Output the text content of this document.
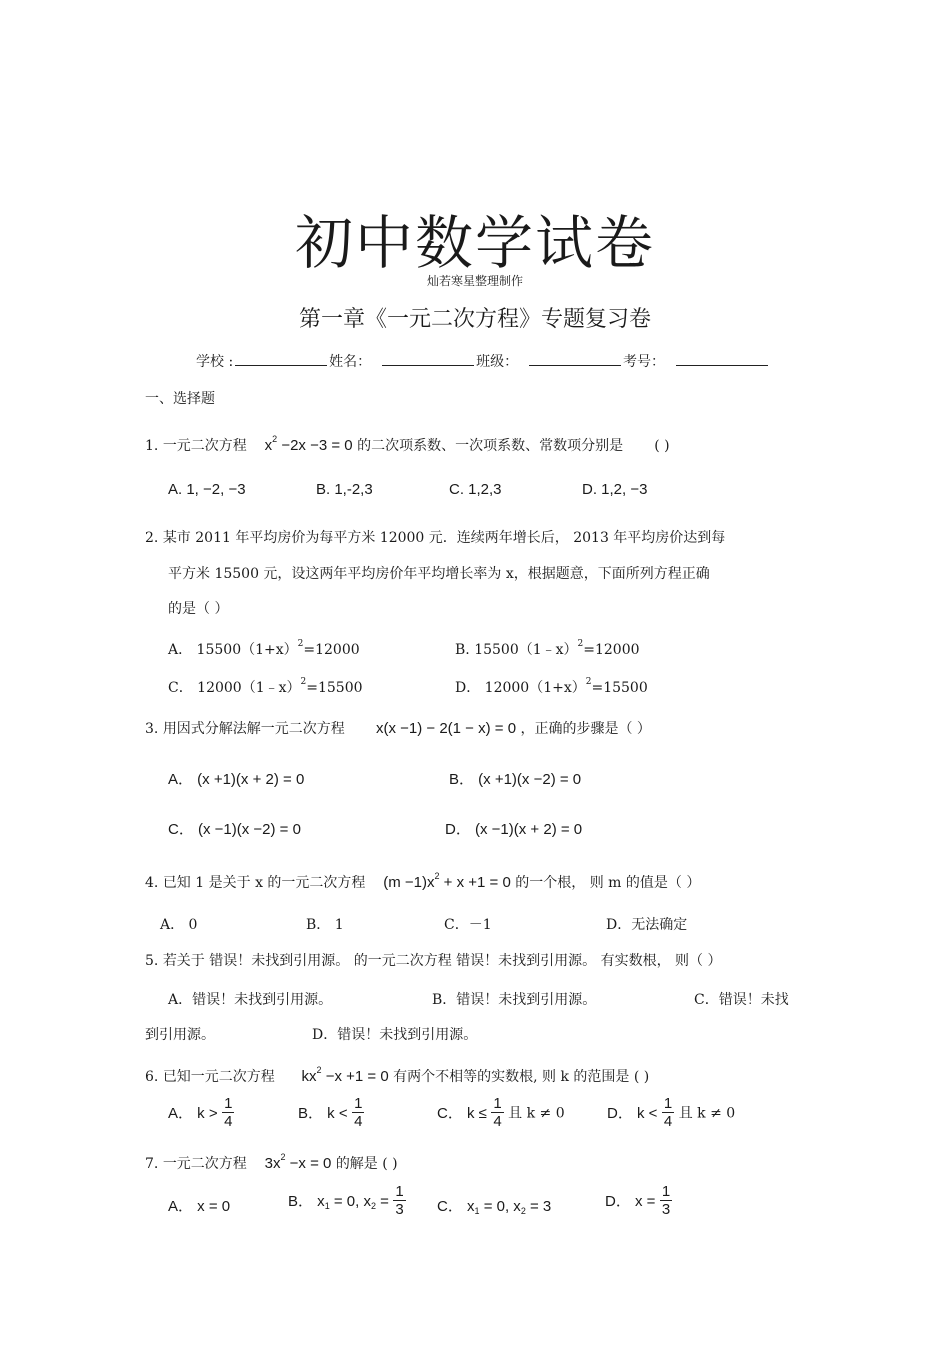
初中数学试卷
灿若寒星整理制作
第一章《一元二次方程》专题复习卷
学校 :	姓名：	班级：	考号：
一、选择题
1. 一元二次方程 $x^2 -2x -3 = 0$ 的二次项系数、一次项系数、常数项分别是 ( )
A. 1, −2, −3	B. 1,-2,3	C. 1,2,3	D. 1,2, −3
2. 某市 2011 年平均房价为每平方米 12000 元．连续两年增长后， 2013 年平均房价达到每
平方米 15500 元，设这两年平均房价年平均增长率为 x，根据题意，下面所列方程正确
的是（ ）
A． $15500(1+x)^2=12000$	B. 15500（1﹣x）$^2$=12000
C． 12000（1﹣x）$^2$=15500	D． $12000(1+x)^2=15500$
3. 用因式分解法解一元二次方程 x(x −1) − 2(1 − x) = 0 ，正确的步骤是（ ）
A． (x +1)(x + 2) = 0	B． (x +1)(x −2) = 0
C． (x −1)(x −2) = 0	D． (x −1)(x + 2) = 0
4. 已知 1 是关于 x 的一元二次方程 $(m -1)x^2 + x +1 = 0$ 的一个根， 则 m 的值是（ ）
A． 0	B． 1	C．－1	D．无法确定
5. 若关于 错误！未找到引用源。 的一元二次方程 错误！未找到引用源。 有实数根， 则（ ）
A．错误！未找到引用源。	B．错误！未找到引用源。	C．错误！未找
到引用源。	D．错误！未找到引用源。
6. 已知一元二次方程 $kx^2 -x +1 = 0$ 有两个不相等的实数根, 则 k 的范围是 ( )
A． $k > \frac{1}{4}$	B． $k < \frac{1}{4}$	C． $k \le \frac{1}{4}$ 且 k ≠ 0	D． $k < \frac{1}{4}$ 且 k ≠ 0
7. 一元二次方程 $3x^2 -x = 0$ 的解是 ( )
A． x = 0	B． $x_1 = 0$, $x_2 = \frac{1}{3}$ C． $x_1 = 0$, $x_2 = 3$	D． $x = \frac{1}{3}$
